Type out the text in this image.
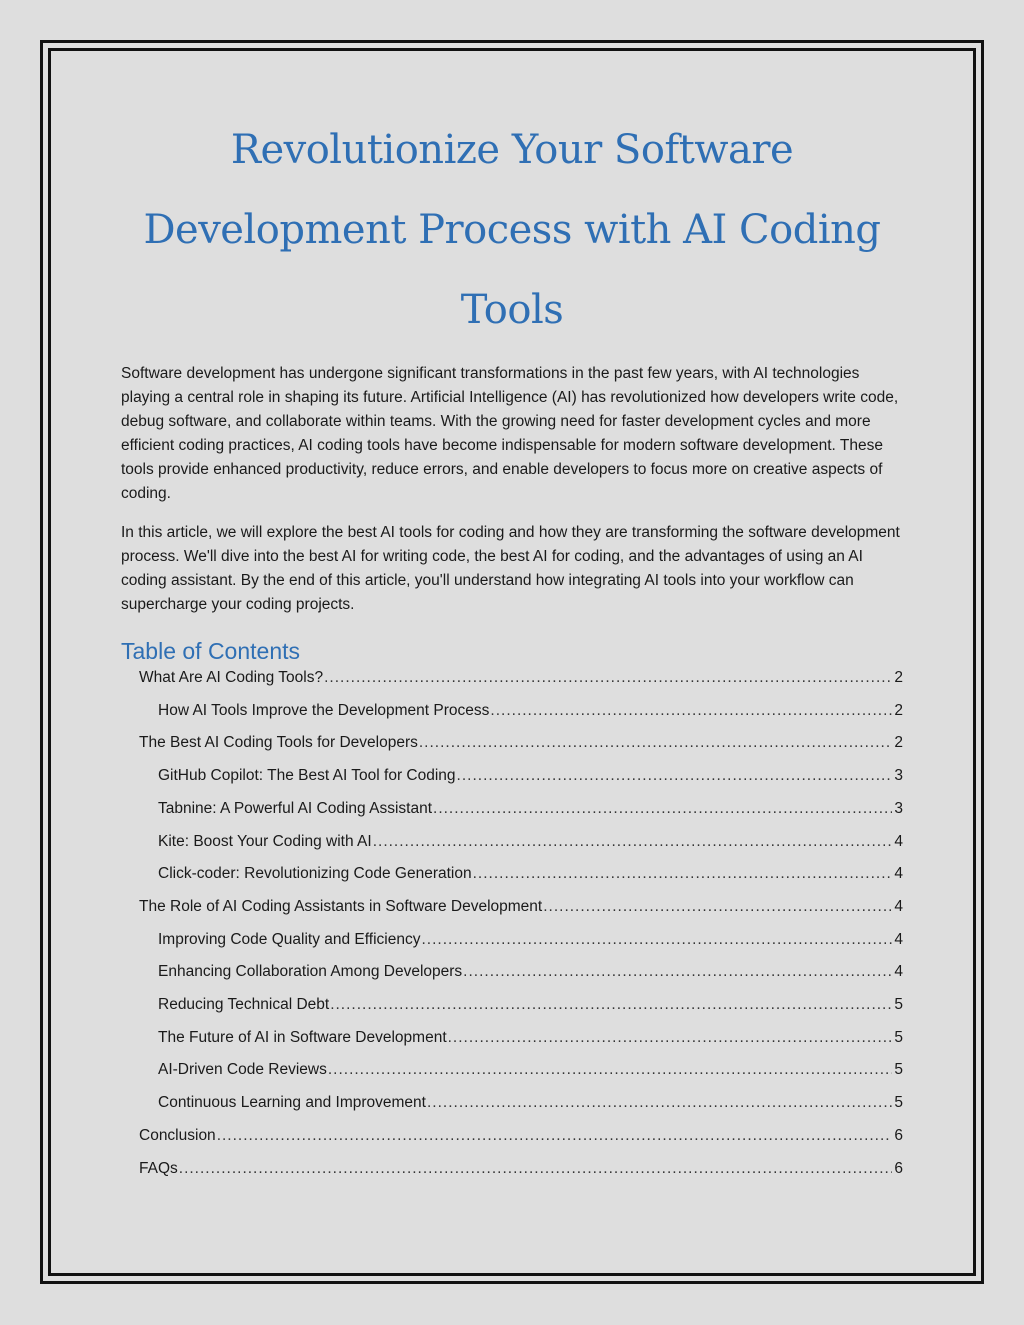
Revolutionize Your Software
Development Process with AI Coding
Tools

Software development has undergone significant transformations in the past few years, with AI technologies playing a central role in shaping its future. Artificial Intelligence (AI) has revolutionized how developers write code, debug software, and collaborate within teams. With the growing need for faster development cycles and more efficient coding practices, AI coding tools have become indispensable for modern software development. These tools provide enhanced productivity, reduce errors, and enable developers to focus more on creative aspects of coding.

In this article, we will explore the best AI tools for coding and how they are transforming the software development process. We'll dive into the best AI for writing code, the best AI for coding, and the advantages of using an AI coding assistant. By the end of this article, you'll understand how integrating AI tools into your workflow can supercharge your coding projects.

Table of Contents
What Are AI Coding Tools? .....	2
How AI Tools Improve the Development Process .....	2
The Best AI Coding Tools for Developers .....	2
GitHub Copilot: The Best AI Tool for Coding .....	3
Tabnine: A Powerful AI Coding Assistant .....	3
Kite: Boost Your Coding with AI .....	4
Click-coder: Revolutionizing Code Generation .....	4
The Role of AI Coding Assistants in Software Development .....	4
Improving Code Quality and Efficiency .....	4
Enhancing Collaboration Among Developers .....	4
Reducing Technical Debt .....	5
The Future of AI in Software Development .....	5
AI-Driven Code Reviews .....	5
Continuous Learning and Improvement .....	5
Conclusion .....	6
FAQs .....	6
